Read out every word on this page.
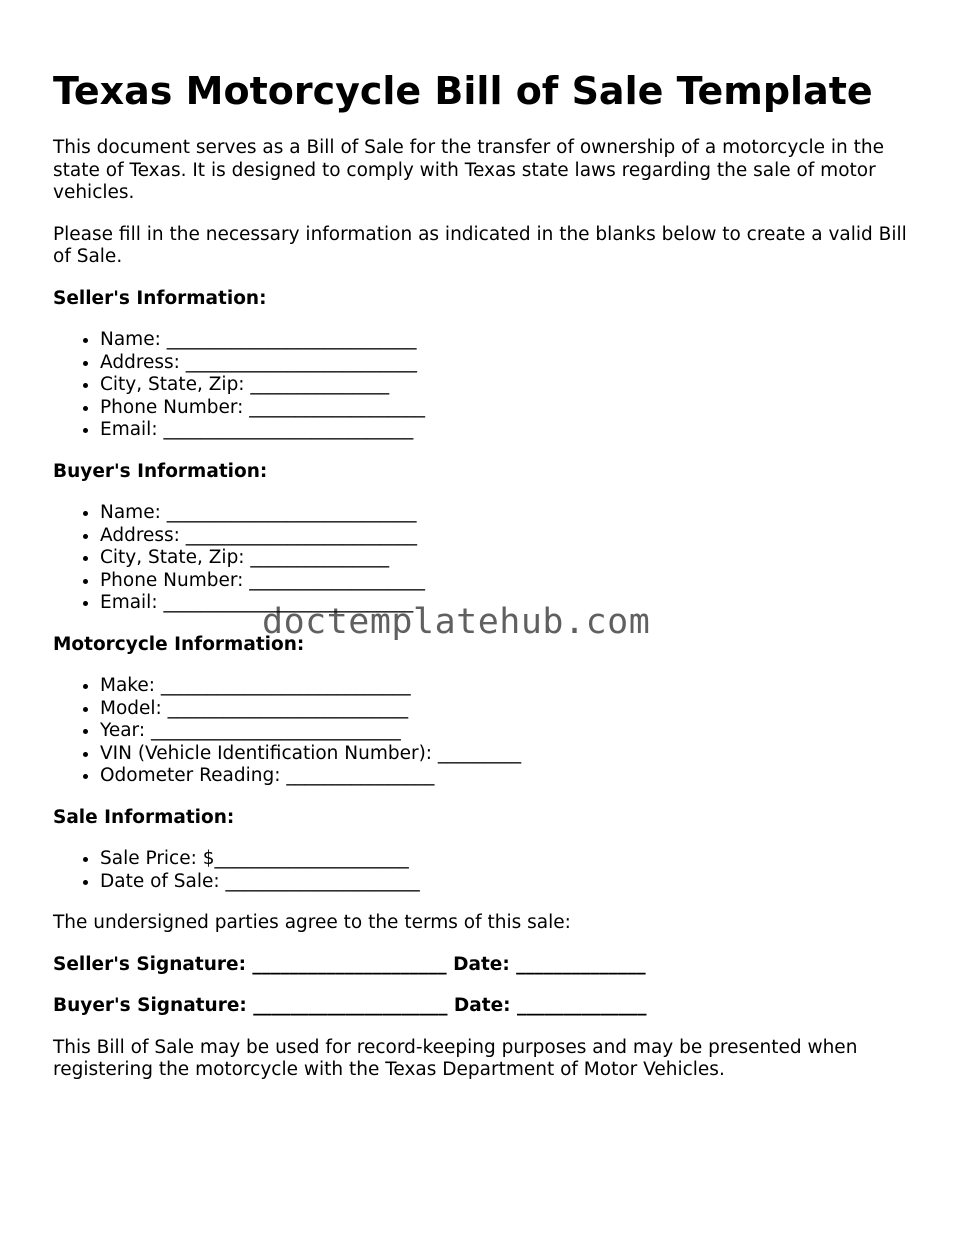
Texas Motorcycle Bill of Sale Template

This document serves as a Bill of Sale for the transfer of ownership of a motorcycle in the state of Texas. It is designed to comply with Texas state laws regarding the sale of motor vehicles.

Please fill in the necessary information as indicated in the blanks below to create a valid Bill of Sale.

Seller's Information:
• Name: ___________________________
• Address: _________________________
• City, State, Zip: _______________
• Phone Number: ___________________
• Email: ___________________________
Buyer's Information:
• Name: ___________________________
• Address: _________________________
• City, State, Zip: _______________
• Phone Number: ___________________
• Email: ___________________________
Motorcycle Information:
• Make: ___________________________
• Model: __________________________
• Year: ___________________________
• VIN (Vehicle Identification Number): _________
• Odometer Reading: ________________
Sale Information:
• Sale Price: $_____________________
• Date of Sale: _____________________

The undersigned parties agree to the terms of this sale:

Seller's Signature: _____________________ Date: ______________
Buyer's Signature: _____________________ Date: ______________

This Bill of Sale may be used for record-keeping purposes and may be presented when registering the motorcycle with the Texas Department of Motor Vehicles.

doctemplatehub.com
